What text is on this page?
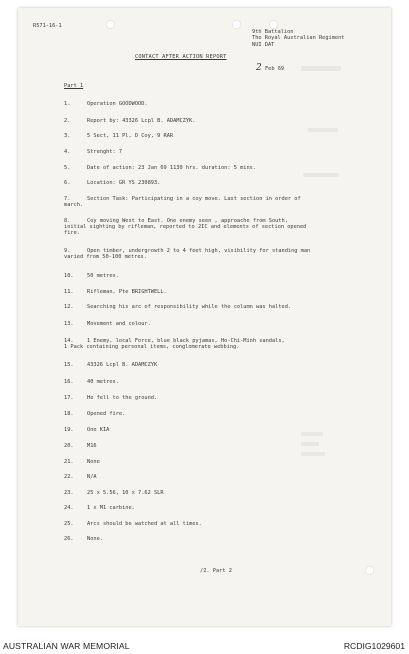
R571-16-1
9th Battalion
The Royal Australian Regiment
NUI DAT
CONTACT AFTER ACTION REPORT
2 Feb 69
Part 1
1.	Operation GOODWOOD.
2.	Report by: 43326 Lcpl B. ADAMCZYK.
3.	5 Sect, 11 Pl, D Coy, 9 RAR
4.	Strenght: 7
5.	Date of action: 23 Jan 69 1130 hrs. duration: 5 mins.
6.	Location: GR YS 230893.
7.	Section Task: Participating in a coy move. Last section in order of
march.
8.	Coy moving West to East. One enemy seen , approache from South,
initial sighting by rifleman, reported to 2IC and elements of section opened
fire.
9.	Open timber, undergrowth 2 to 4 feet high, visibility for standing man
varied from 50-100 metres.
10.	50 metres.
11.	Rifleman, Pte BRIGHTWELL.
12.	Searching his arc of responsibility while the column was halted.
13.	Movement and colour.
14.	1 Enemy, local Force, blue black pyjamas, Ho-Chi-Minh sandals,
1 Pack containing personal items, conglomerate webbing.
15.	43326 Lcpl B. ADAMCZYK
16.	40 metres.
17.	He fell to the ground.
18.	Opened fire.
19.	One KIA
20.	M16
21.	None
22.	N/A
23.	25 x 5.56, 10 x 7.62 SLR
24.	1 x M1 carbine.
25.	Arcs should be watched at all times.
26.	None.
/2. Part 2
AUSTRALIAN WAR MEMORIAL	RCDIG1029601
